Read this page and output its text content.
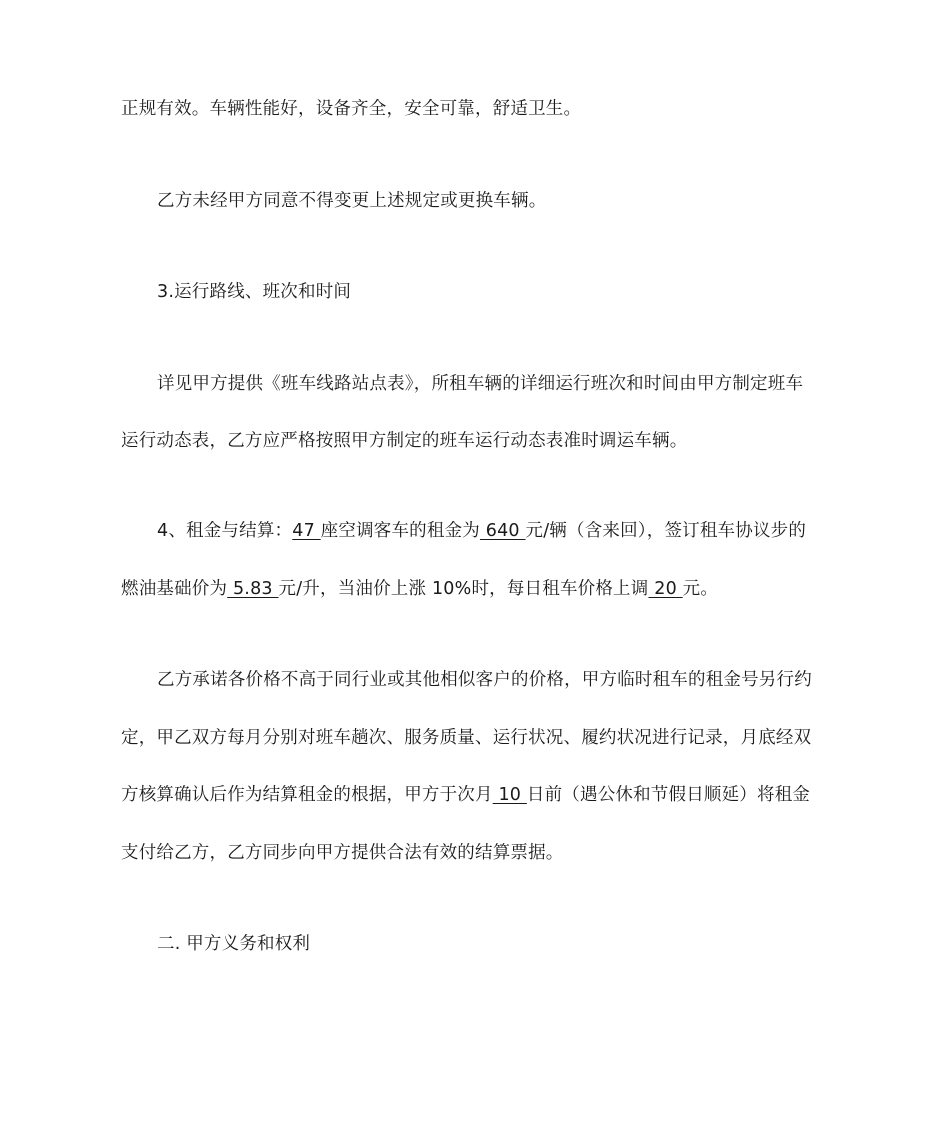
正规有效。车辆性能好，设备齐全，安全可靠，舒适卫生。
乙方未经甲方同意不得变更上述规定或更换车辆。
3.运行路线、班次和时间
详见甲方提供《班车线路站点表》，所租车辆的详细运行班次和时间由甲方制定班车
运行动态表，乙方应严格按照甲方制定的班车运行动态表准时调运车辆。
4、租金与结算：47 座空调客车的租金为 640 元/辆（含来回），签订租车协议步的
燃油基础价为 5.83 元/升，当油价上涨 10%时，每日租车价格上调 20 元。
乙方承诺各价格不高于同行业或其他相似客户的价格，甲方临时租车的租金号另行约
定，甲乙双方每月分别对班车趟次、服务质量、运行状况、履约状况进行记录，月底经双
方核算确认后作为结算租金的根据，甲方于次月 10 日前（遇公休和节假日顺延）将租金
支付给乙方，乙方同步向甲方提供合法有效的结算票据。
二. 甲方义务和权利
